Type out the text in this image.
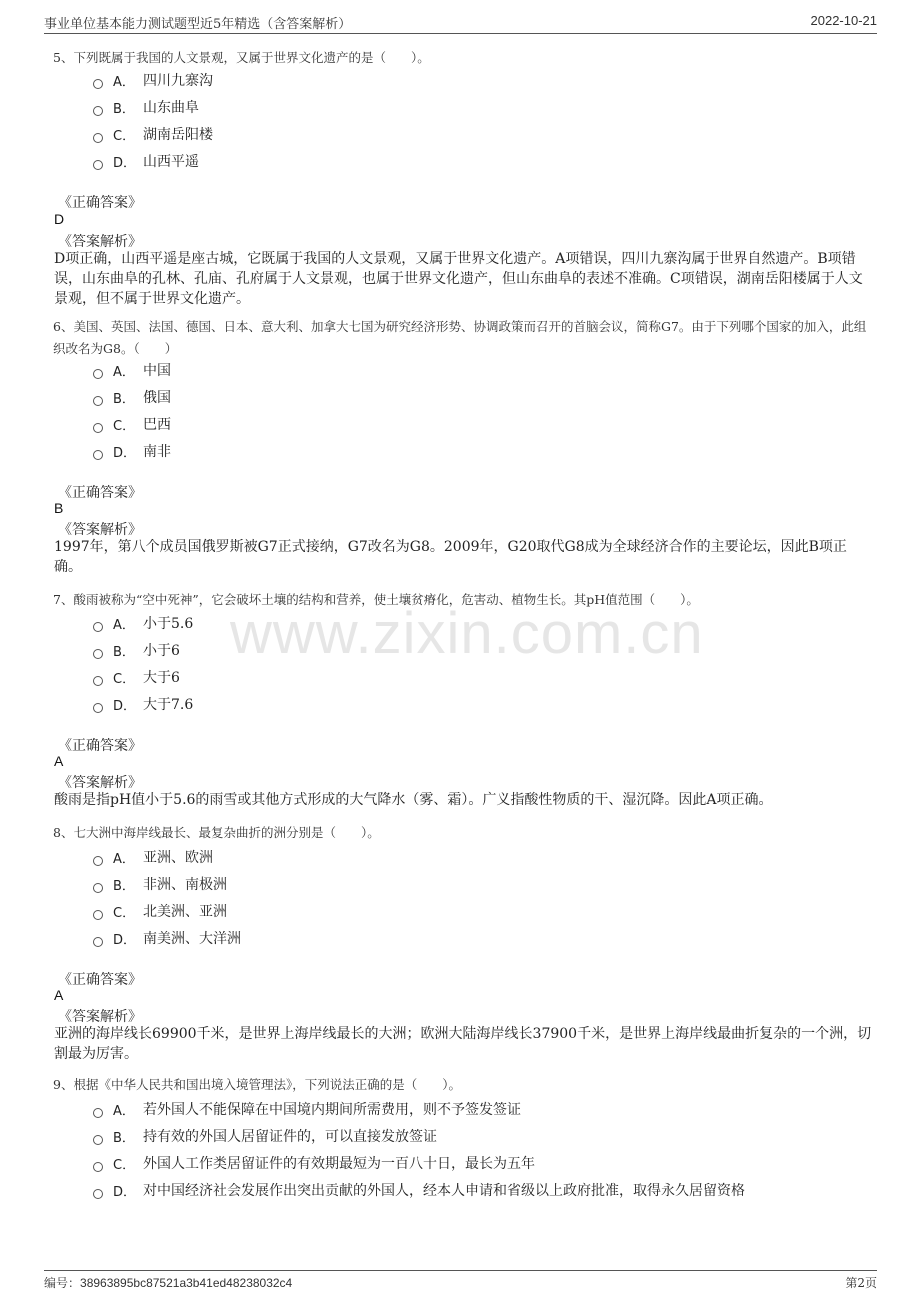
事业单位基本能力测试题型近5年精选（含答案解析）	2022-10-21
www.zixin.com.cn
5、下列既属于我国的人文景观，又属于世界文化遗产的是（　　）。
A． 四川九寨沟
B． 山东曲阜
C． 湖南岳阳楼
D． 山西平遥
《正确答案》
D
《答案解析》
D项正确，山西平遥是座古城，它既属于我国的人文景观，又属于世界文化遗产。A项错误，四川九寨沟属于世界自然遗产。B项错误，山东曲阜的孔林、孔庙、孔府属于人文景观，也属于世界文化遗产，但山东曲阜的表述不准确。C项错误，湖南岳阳楼属于人文景观，但不属于世界文化遗产。
6、美国、英国、法国、德国、日本、意大利、加拿大七国为研究经济形势、协调政策而召开的首脑会议，简称G7。由于下列哪个国家的加入，此组织改名为G8。（　　）
A． 中国
B． 俄国
C． 巴西
D． 南非
《正确答案》
B
《答案解析》
1997年，第八个成员国俄罗斯被G7正式接纳，G7改名为G8。2009年，G20取代G8成为全球经济合作的主要论坛，因此B项正确。
7、酸雨被称为“空中死神”，它会破坏土壤的结构和营养，使土壤贫瘠化，危害动、植物生长。其pH值范围（　　）。
A． 小于5.6
B． 小于6
C． 大于6
D． 大于7.6
《正确答案》
A
《答案解析》
酸雨是指pH值小于5.6的雨雪或其他方式形成的大气降水（雾、霜）。广义指酸性物质的干、湿沉降。因此A项正确。
8、七大洲中海岸线最长、最复杂曲折的洲分别是（　　）。
A． 亚洲、欧洲
B． 非洲、南极洲
C． 北美洲、亚洲
D． 南美洲、大洋洲
《正确答案》
A
《答案解析》
亚洲的海岸线长69900千米，是世界上海岸线最长的大洲；欧洲大陆海岸线长37900千米，是世界上海岸线最曲折复杂的一个洲，切割最为厉害。
9、根据《中华人民共和国出境入境管理法》，下列说法正确的是（　　）。
A． 若外国人不能保障在中国境内期间所需费用，则不予签发签证
B． 持有效的外国人居留证件的，可以直接发放签证
C． 外国人工作类居留证件的有效期最短为一百八十日，最长为五年
D． 对中国经济社会发展作出突出贡献的外国人，经本人申请和省级以上政府批准，取得永久居留资格
编号：38963895bc87521a3b41ed48238032c4	第2页
